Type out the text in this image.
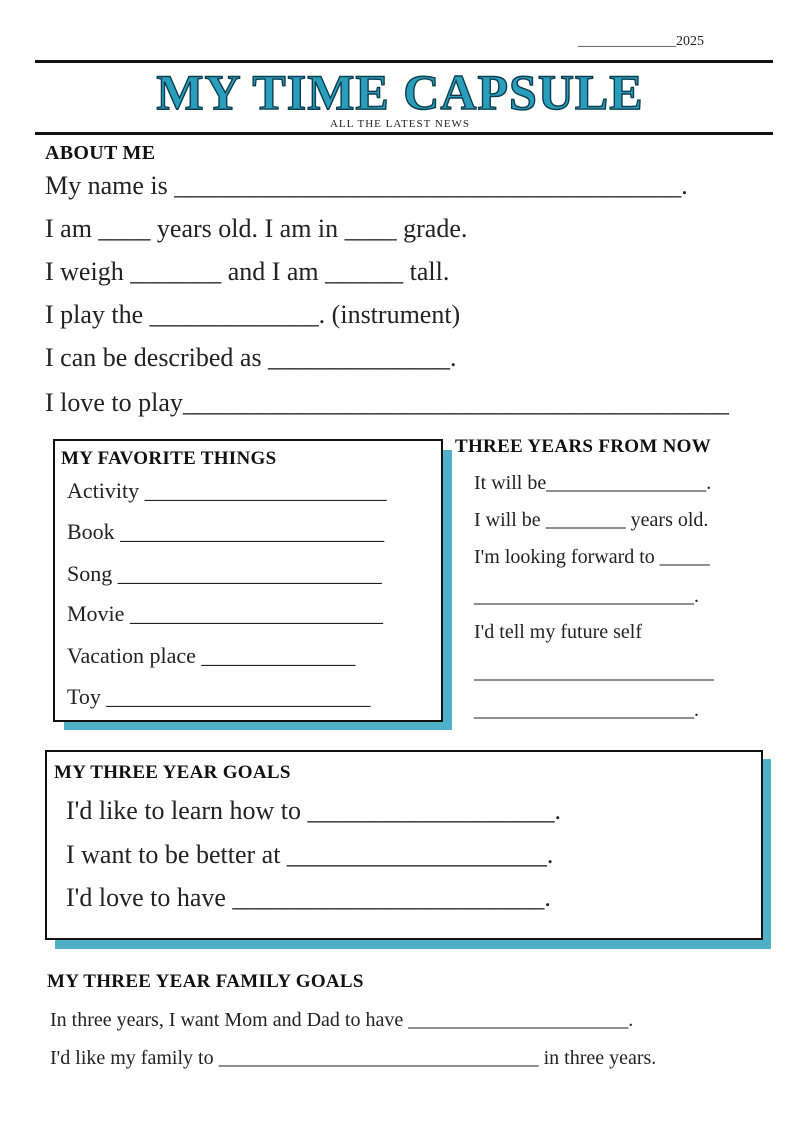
______________2025
MY TIME CAPSULE
ALL THE LATEST NEWS
ABOUT ME
My name is _______________________________________.
I am ____ years old. I am in ____ grade.
I weigh _______ and I am ______ tall.
I play the _____________. (instrument)
I can be described as ______________.
I love to play__________________________________________
MY FAVORITE THINGS
Activity ______________________
Book ________________________
Song ________________________
Movie _______________________
Vacation place ______________
Toy ________________________
THREE YEARS FROM NOW
It will be________________.
I will be ________ years old.
I'm looking forward to _____
______________________.
I'd tell my future self
________________________
______________________.
MY THREE YEAR GOALS
I'd like to learn how to ___________________.
I want to be better at ____________________.
I'd love to have ________________________.
MY THREE YEAR FAMILY GOALS
In three years, I want Mom and Dad to have ______________________.
I'd like my family to ________________________________ in three years.
